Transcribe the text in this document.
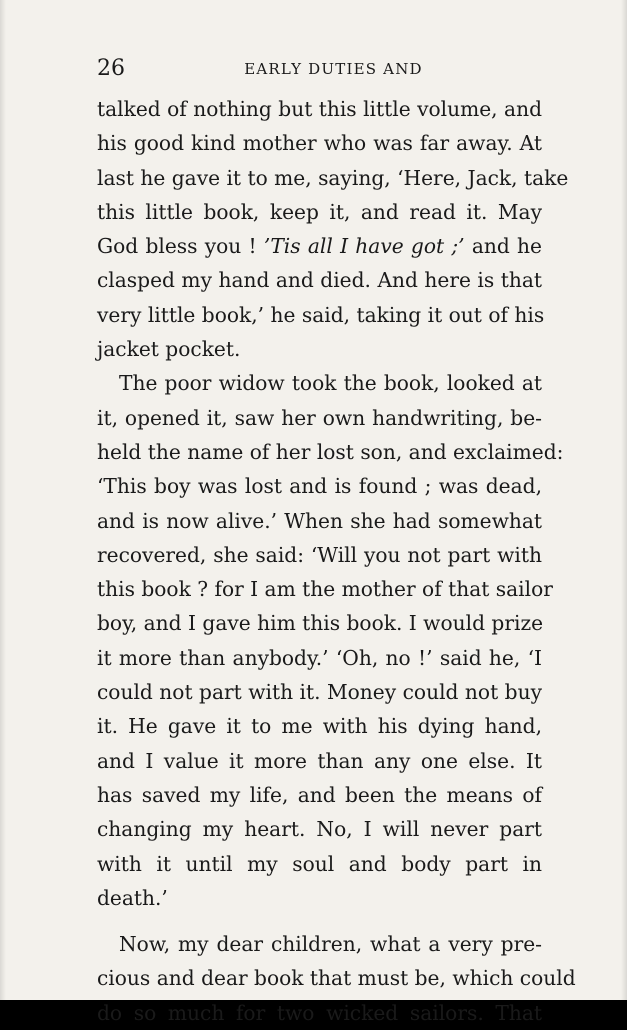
26	EARLY DUTIES AND
talked of nothing but this little volume, and
his good kind mother who was far away. At
last he gave it to me, saying, ‘Here, Jack, take
this little book, keep it, and read it. May
God bless you ! ’Tis all I have got ;’ and he
clasped my hand and died. And here is that
very little book,’ he said, taking it out of his
jacket pocket.
The poor widow took the book, looked at
it, opened it, saw her own handwriting, be-
held the name of her lost son, and exclaimed:
‘This boy was lost and is found ; was dead,
and is now alive.’ When she had somewhat
recovered, she said: ‘Will you not part with
this book ? for I am the mother of that sailor
boy, and I gave him this book. I would prize
it more than anybody.’ ‘Oh, no !’ said he, ‘I
could not part with it. Money could not buy
it. He gave it to me with his dying hand,
and I value it more than any one else. It
has saved my life, and been the means of
changing my heart. No, I will never part
with it until my soul and body part in
death.’
Now, my dear children, what a very pre-
cious and dear book that must be, which could
do so much for two wicked sailors. That
